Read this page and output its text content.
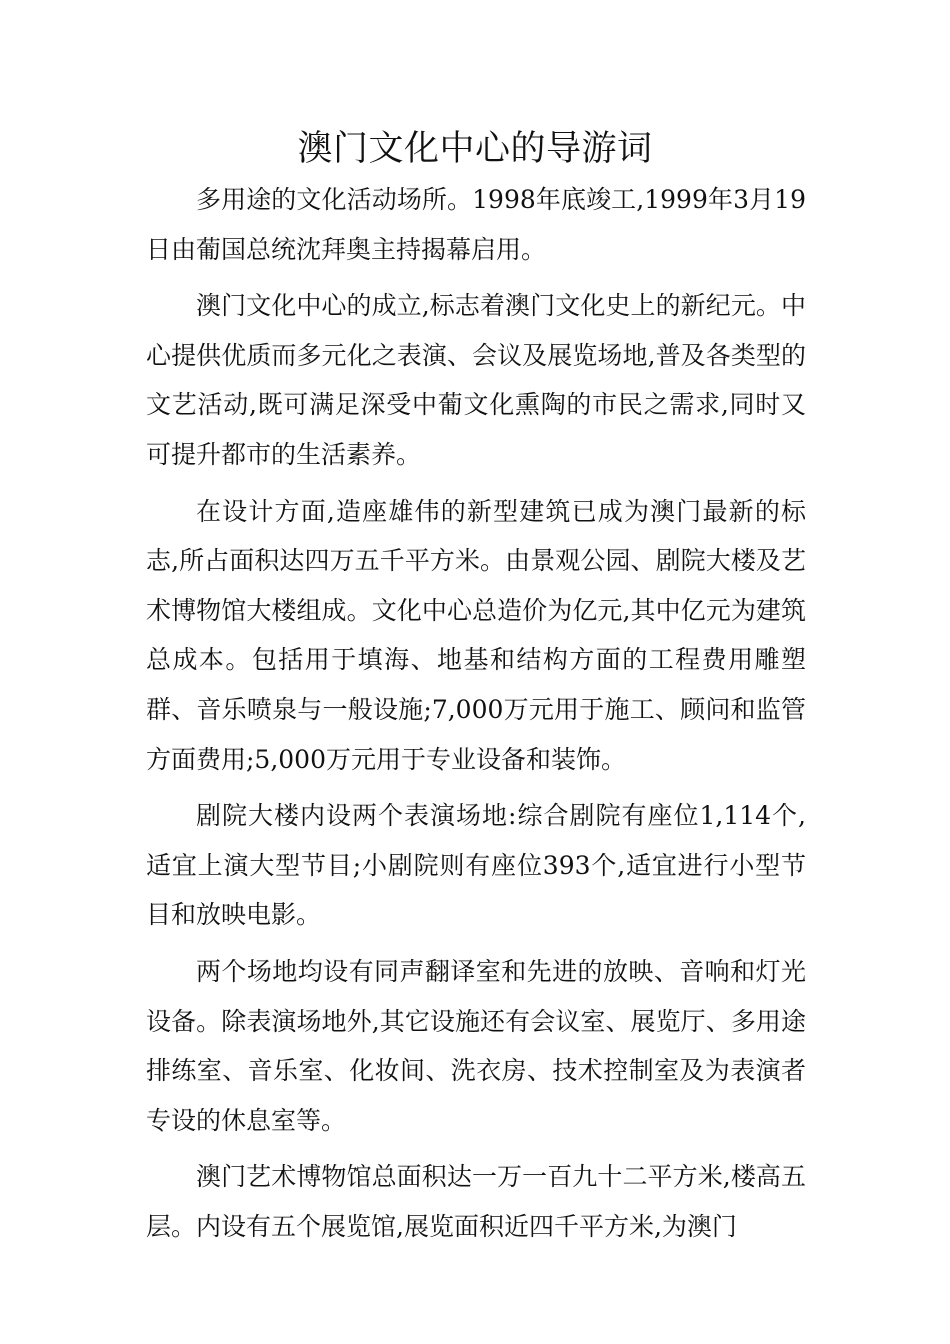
澳门文化中心的导游词

多用途的文化活动场所。1998年底竣工,1999年3月19日由葡国总统沈拜奥主持揭幕启用。

澳门文化中心的成立,标志着澳门文化史上的新纪元。中心提供优质而多元化之表演、会议及展览场地,普及各类型的文艺活动,既可满足深受中葡文化熏陶的市民之需求,同时又可提升都市的生活素养。

在设计方面,造座雄伟的新型建筑已成为澳门最新的标志,所占面积达四万五千平方米。由景观公园、剧院大楼及艺术博物馆大楼组成。文化中心总造价为亿元,其中亿元为建筑总成本。包括用于填海、地基和结构方面的工程费用雕塑群、音乐喷泉与一般设施;7,000万元用于施工、顾问和监管方面费用;5,000万元用于专业设备和装饰。

剧院大楼内设两个表演场地:综合剧院有座位1,114个,适宜上演大型节目;小剧院则有座位393个,适宜进行小型节目和放映电影。

两个场地均设有同声翻译室和先进的放映、音响和灯光设备。除表演场地外,其它设施还有会议室、展览厅、多用途排练室、音乐室、化妆间、洗衣房、技术控制室及为表演者专设的休息室等。

澳门艺术博物馆总面积达一万一百九十二平方米,楼高五层。内设有五个展览馆,展览面积近四千平方米,为澳门
